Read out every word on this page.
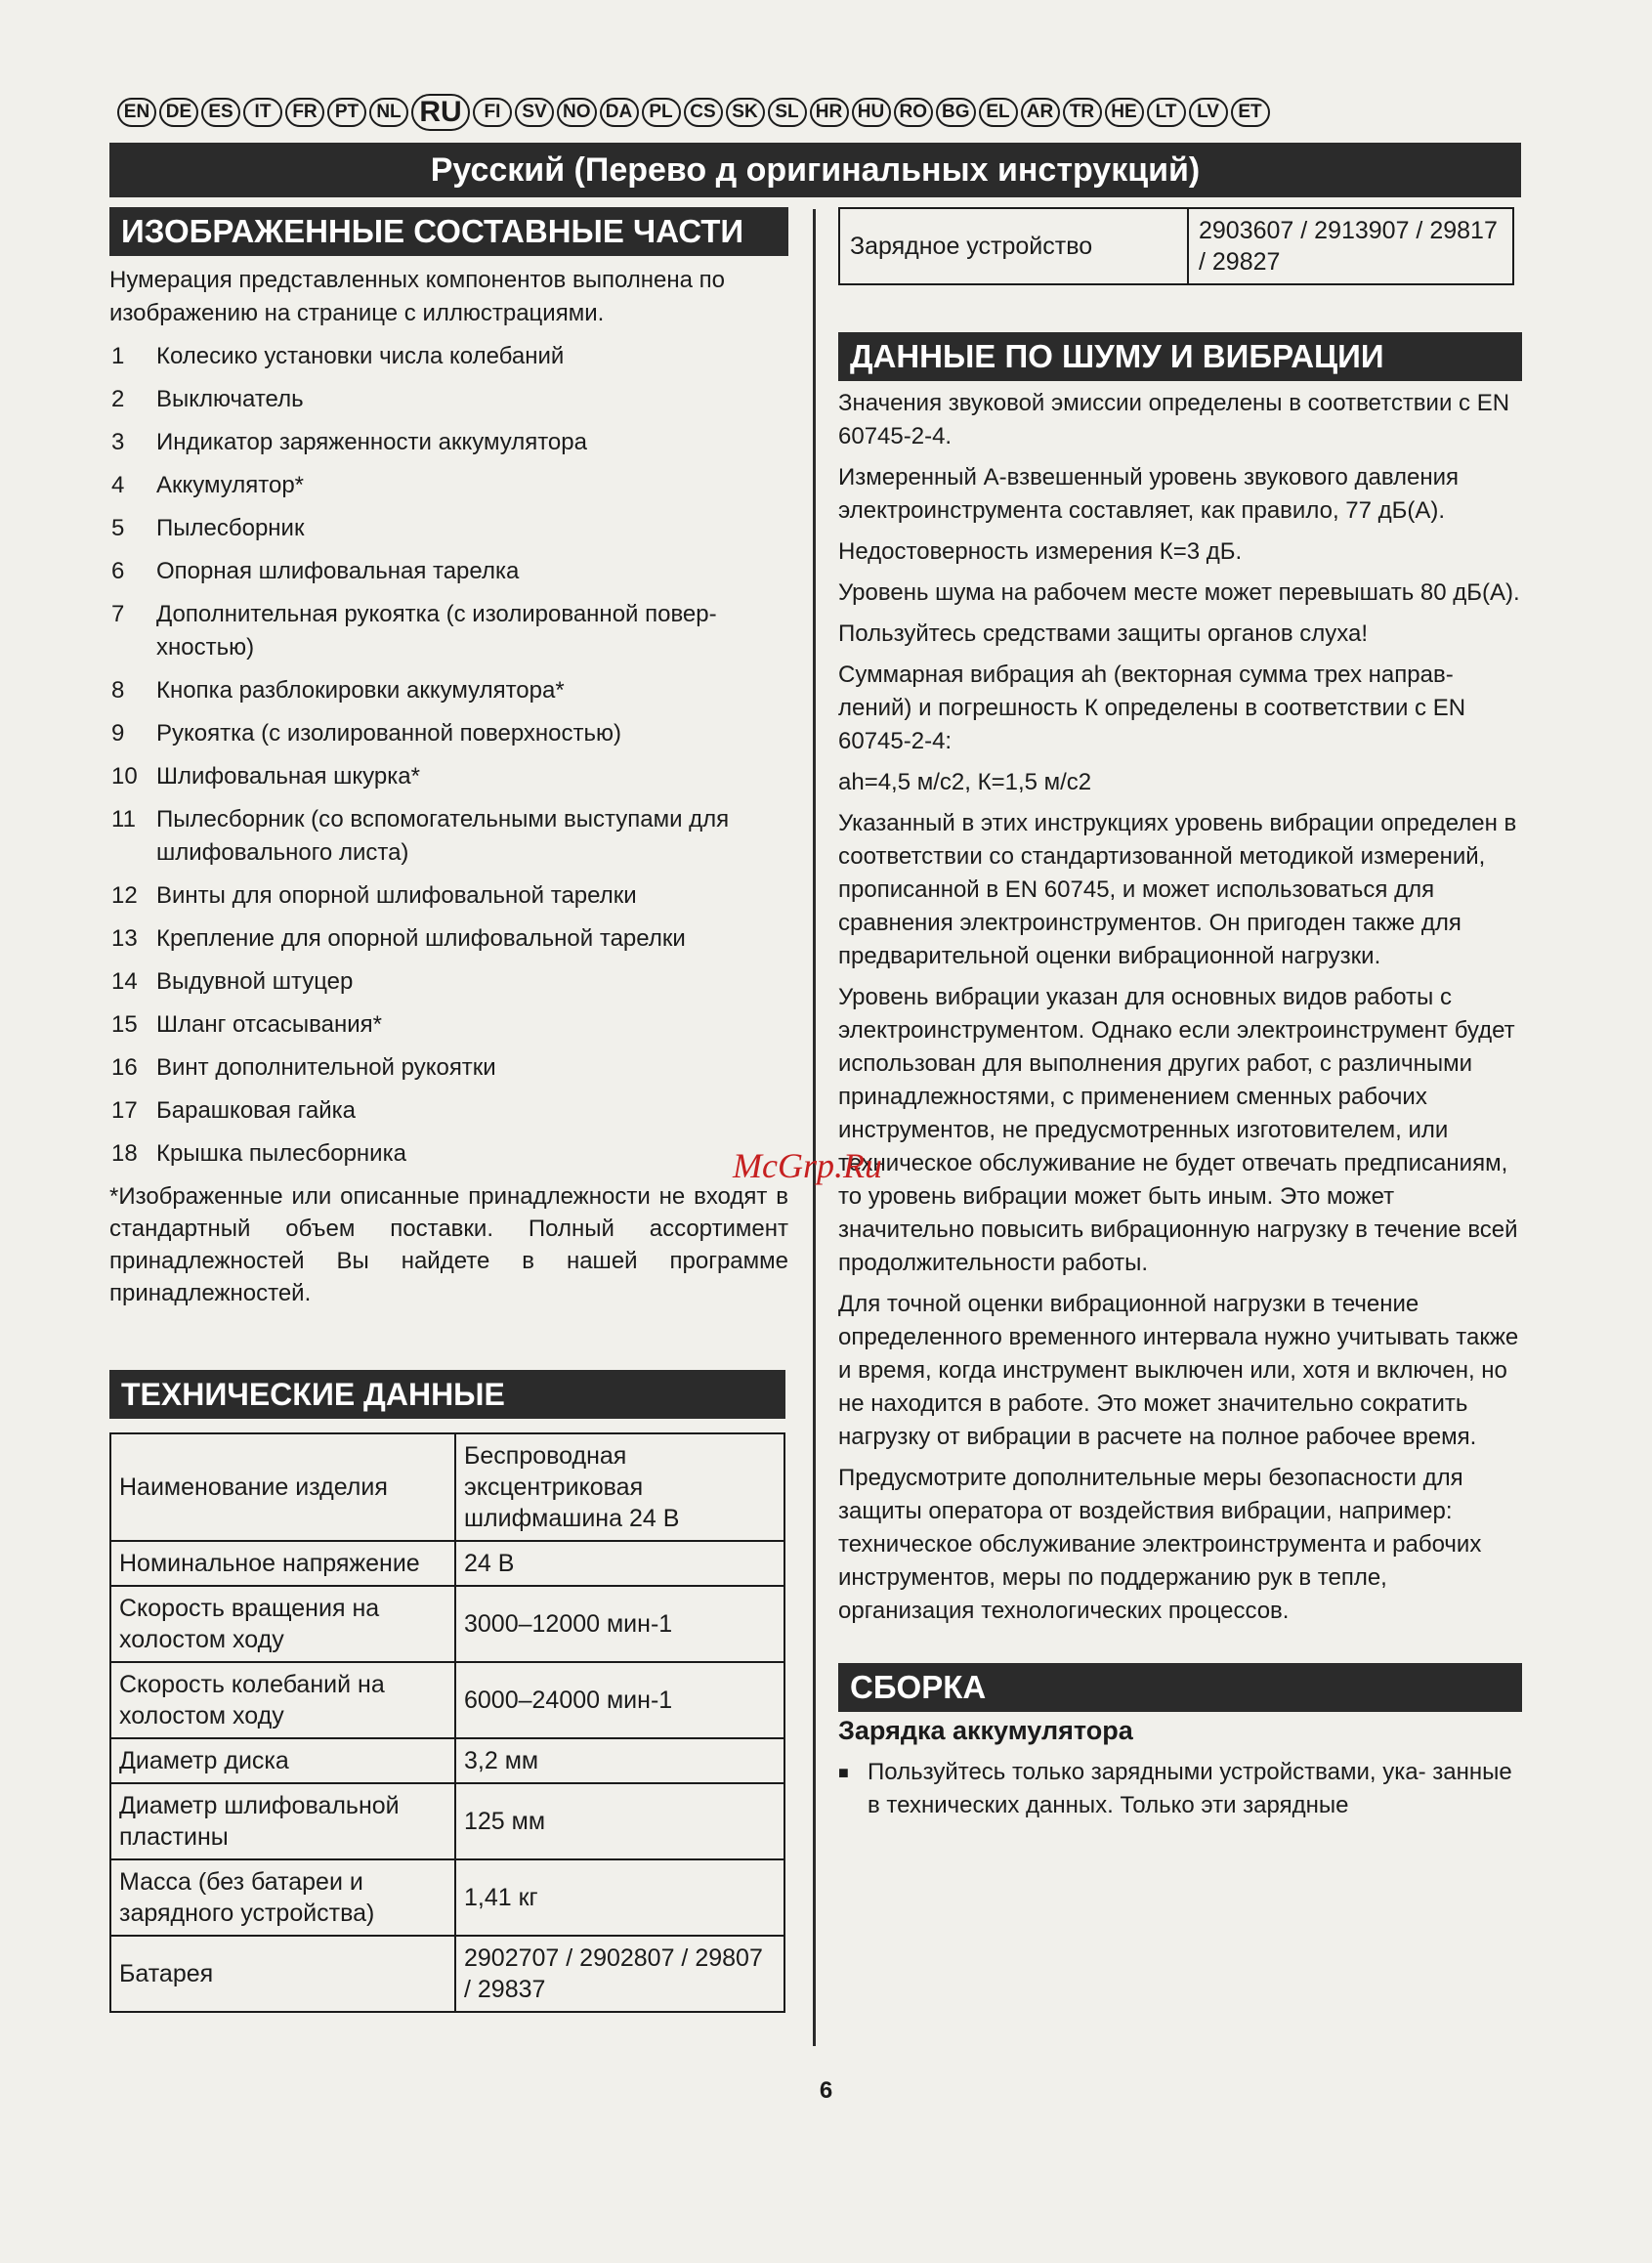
EN DE ES	IT	FR PT NL RU	FI	SV NO DA PL CS SK SL HR HU RO BG EL AR TR HE LT	LV	ET
Русский (Перево д оригинальных инструкций)
ИЗОБРАЖЕННЫЕ СОСТАВНЫЕ ЧАСТИ

Нумерация представленных компонентов выполнена по изображению на странице с иллюстрациями.

1	Колесико установки числа колебаний
2	Выключатель
3	Индикатор заряженности аккумулятора
4	Аккумулятор*
5	Пылесборник
6	Опорная шлифовальная тарелка
7	Дополнительная рукоятка (с изолированной повер- хностью)
8	Кнопка разблокировки аккумулятора*
9	Рукоятка (с изолированной поверхностью)
10 Шлифовальная шкурка*
11 Пылесборник (со вспомогательными выступами для шлифовального листа)
12 Винты для опорной шлифовальной тарелки
13 Крепление для опорной шлифовальной тарелки
14 Выдувной штуцер
15 Шланг отсасывания*
16 Винт дополнительной рукоятки
17 Барашковая гайка
18 Крышка пылесборника
*Изображенные или описанные принадлежности не входят в стандартный объем поставки. Полный ассортимент принадлежностей Вы найдете в нашей программе принадлежностей.
ТЕХНИЧЕСКИЕ ДАННЫЕ
Наименование изделия	Беспроводная эксцентриковая шлифмашина 24 В
Номинальное напряжение	24 В
Скорость вращения на холостом ходу	3000–12000 мин-1
Скорость колебаний на холостом ходу	6000–24000 мин-1
Диаметр диска	3,2 мм
Диаметр шлифовальной пластины	125 мм
Масса (без батареи и зарядного устройства)	1,41 кг
Батарея	2902707 / 2902807 / 29807 / 29837
Зарядное устройство	2903607 / 2913907 / 29817 / 29827
ДАННЫЕ ПО ШУМУ И ВИБРАЦИИ

Значения звуковой эмиссии определены в соответствии с EN 60745-2-4.

Измеренный А-взвешенный уровень звукового давления электроинструмента составляет, как правило, 77 дБ(А).

Недостоверность измерения К=3 дБ.

Уровень шума на рабочем месте может перевышать 80 дБ(А).

Пользуйтесь средствами защиты органов слуха!

Суммарная вибрация ah (векторная сумма трех направ- лений) и погрешность К определены в соответствии с EN 60745-2-4:

ah=4,5 м/с2, К=1,5 м/с2

Указанный в этих инструкциях уровень вибрации определен в соответствии со стандартизованной методикой измерений, прописанной в EN 60745, и может использоваться для сравнения электроинструментов. Он пригоден также для предварительной оценки вибрационной нагрузки.

Уровень вибрации указан для основных видов работы с электроинструментом. Однако если электроинструмент будет использован для выполнения других работ, с различными принадлежностями, с применением сменных рабочих инструментов, не предусмотренных изготовителем, или техническое обслуживание не будет отвечать предписаниям, то уровень вибрации может быть иным. Это может значительно повысить вибрационную нагрузку в течение всей продолжительности работы.

Для точной оценки вибрационной нагрузки в течение определенного временного интервала нужно учитывать также и время, когда инструмент выключен или, хотя и включен, но не находится в работе. Это может значительно сократить нагрузку от вибрации в расчете на полное рабочее время.

Предусмотрите дополнительные меры безопасности для защиты оператора от воздействия вибрации, например: техническое обслуживание электроинструмента и рабочих инструментов, меры по поддержанию рук в тепле, организация технологических процессов.

СБОРКА
Зарядка аккумулятора
■ Пользуйтесь только зарядными устройствами, ука- занные в технических данных. Только эти зарядные
McGrp.Ru
6
